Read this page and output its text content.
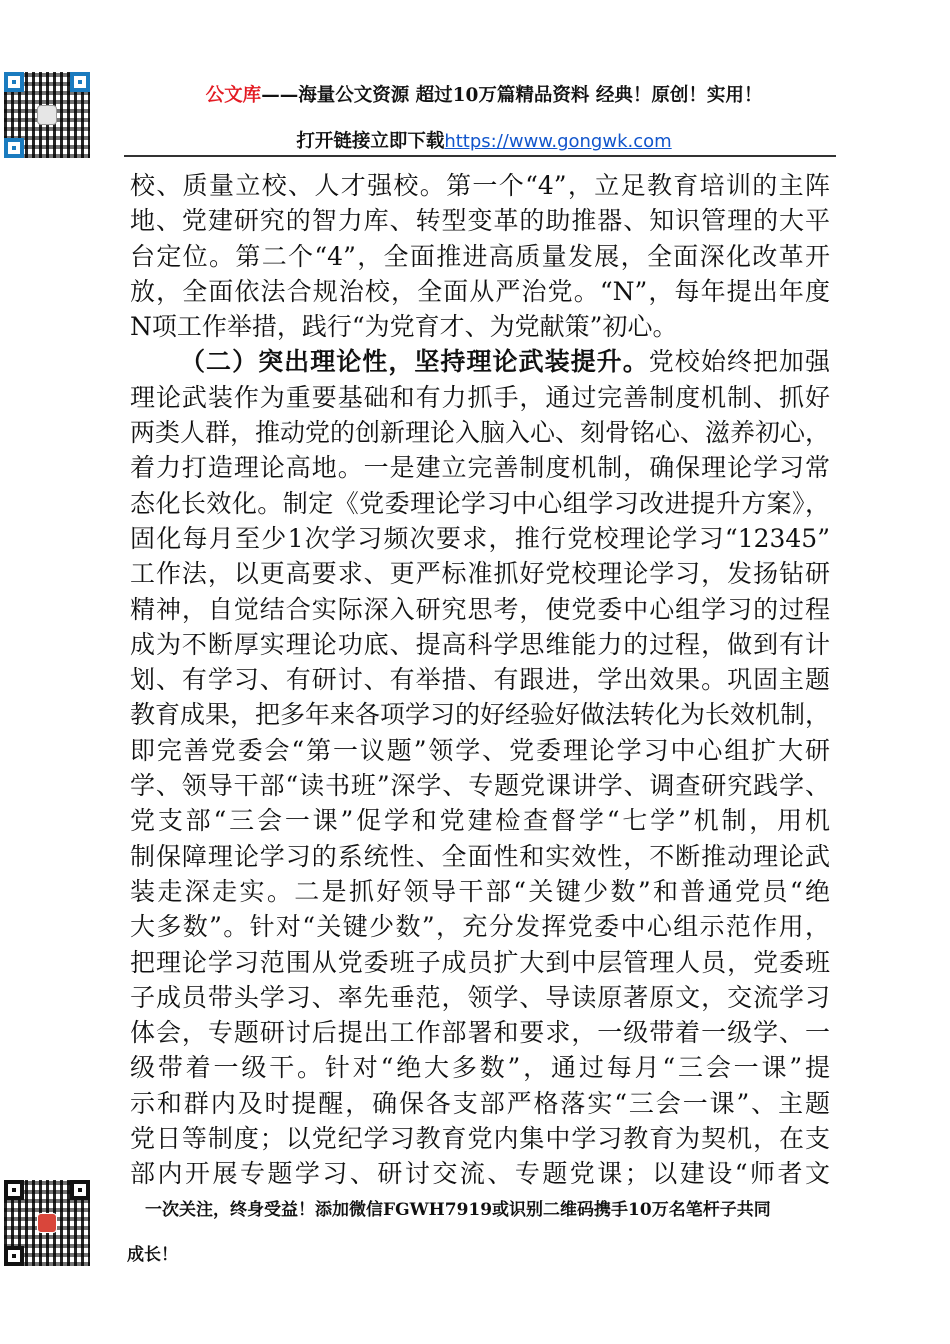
公文库——海量公文资源 超过10万篇精品资料 经典！原创！实用！
打开链接立即下载https://www.gongwk.com
校、质量立校、人才强校。第一个“4”，立足教育培训的主阵
地、党建研究的智力库、转型变革的助推器、知识管理的大平
台定位。第二个“4”，全面推进高质量发展，全面深化改革开
放，全面依法合规治校，全面从严治党。“N”，每年提出年度
N项工作举措，践行“为党育才、为党献策”初心。
（二）突出理论性，坚持理论武装提升。党校始终把加强
理论武装作为重要基础和有力抓手，通过完善制度机制、抓好
两类人群，推动党的创新理论入脑入心、刻骨铭心、滋养初心，
着力打造理论高地。一是建立完善制度机制，确保理论学习常
态化长效化。制定《党委理论学习中心组学习改进提升方案》，
固化每月至少1次学习频次要求，推行党校理论学习“12345”
工作法，以更高要求、更严标准抓好党校理论学习，发扬钻研
精神，自觉结合实际深入研究思考，使党委中心组学习的过程
成为不断厚实理论功底、提高科学思维能力的过程，做到有计
划、有学习、有研讨、有举措、有跟进，学出效果。巩固主题
教育成果，把多年来各项学习的好经验好做法转化为长效机制，
即完善党委会“第一议题”领学、党委理论学习中心组扩大研
学、领导干部“读书班”深学、专题党课讲学、调查研究践学、
党支部“三会一课”促学和党建检查督学“七学”机制，用机
制保障理论学习的系统性、全面性和实效性，不断推动理论武
装走深走实。二是抓好领导干部“关键少数”和普通党员“绝
大多数”。针对“关键少数”，充分发挥党委中心组示范作用，
把理论学习范围从党委班子成员扩大到中层管理人员，党委班
子成员带头学习、率先垂范，领学、导读原著原文，交流学习
体会，专题研讨后提出工作部署和要求，一级带着一级学、一
级带着一级干。针对“绝大多数”，通过每月“三会一课”提
示和群内及时提醒，确保各支部严格落实“三会一课”、主题
党日等制度；以党纪学习教育党内集中学习教育为契机，在支
部内开展专题学习、研讨交流、专题党课；以建设“师者文
一次关注，终身受益！添加微信FGWH7919或识别二维码携手10万名笔杆子共同
成长！
